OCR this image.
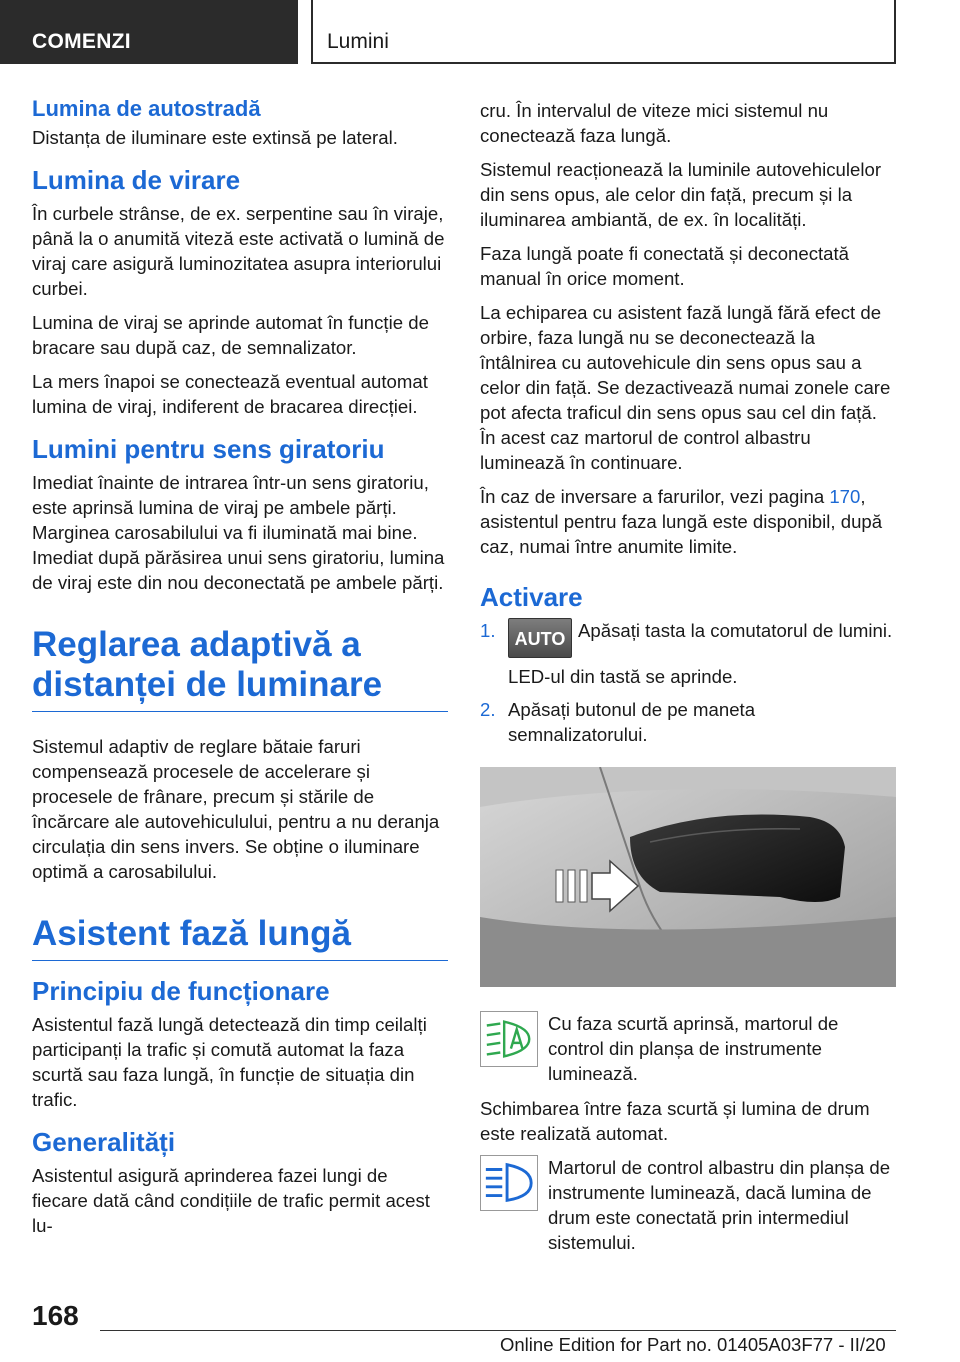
COMENZI	Lumini
Lumina de autostradă

Distanța de iluminare este extinsă pe lateral.

Lumina de virare

În curbele strânse, de ex. serpentine sau în viraje, până la o anumită viteză este activată o lumină de viraj care asigură luminozitatea asupra interiorului curbei.

Lumina de viraj se aprinde automat în funcție de bracare sau după caz, de semnalizator.

La mers înapoi se conectează eventual automat lumina de viraj, indiferent de bracarea direcției.

Lumini pentru sens giratoriu

Imediat înainte de intrarea într-un sens giratoriu, este aprinsă lumina de viraj pe ambele părți. Marginea carosabilului va fi iluminată mai bine. Imediat după părăsirea unui sens giratoriu, lumina de viraj este din nou deconectată pe ambele părți.

Reglarea adaptivă a distanței de luminare

Sistemul adaptiv de reglare bătaie faruri compensează procesele de accelerare și procesele de frânare, precum și stările de încărcare ale autovehiculului, pentru a nu deranja circulația din sens invers. Se obține o iluminare optimă a carosabilului.

Asistent fază lungă
Principiu de funcționare

Asistentul fază lungă detectează din timp ceilalți participanți la trafic și comută automat la faza scurtă sau faza lungă, în funcție de situația din trafic.

Generalități

Asistentul asigură aprinderea fazei lungi de fiecare dată când condițiile de trafic permit acest lu-

cru. În intervalul de viteze mici sistemul nu conectează faza lungă.

Sistemul reacționează la luminile autovehiculelor din sens opus, ale celor din față, precum și la iluminarea ambiantă, de ex. în localități.

Faza lungă poate fi conectată și deconectată manual în orice moment.

La echiparea cu asistent fază lungă fără efect de orbire, faza lungă nu se deconectează la întâlnirea cu autovehicule din sens opus sau a celor din față. Se dezactivează numai zonele care pot afecta traficul din sens opus sau cel din față. În acest caz martorul de control albastru luminează în continuare.

În caz de inversare a farurilor, vezi pagina 170, asistentul pentru faza lungă este disponibil, după caz, numai între anumite limite.

Activare
1.	AUTO Apăsați tasta la comutatorul de lumini.
LED-ul din tastă se aprinde.
2. Apăsați butonul de pe maneta semnalizatorului.
Cu faza scurtă aprinsă, martorul de control din planșa de instrumente luminează.

Schimbarea între faza scurtă și lumina de drum este realizată automat.

Martorul de control albastru din planșa de instrumente luminează, dacă lumina de drum este conectată prin intermediul sistemului.
168
Online Edition for Part no. 01405A03F77 - II/20
